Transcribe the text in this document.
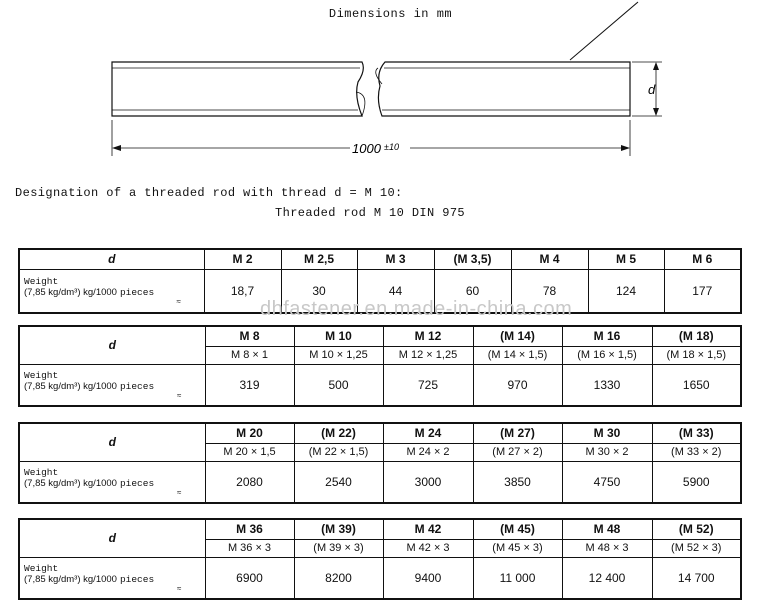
Dimensions in mm
d
1000 ±10
Designation of a threaded rod with thread d = M 10:
Threaded rod M 10 DIN 975
d	M 2	M 2,5	M 3	(M 3,5)	M 4	M 5	M 6

Weight
(7,85 kg/dm³)
kg/1000 pieces
≈	18,7	30	44	60	78	124	177
d	M 8	M 10	M 12	(M 14)	M 16	(M 18)
	M 8 × 1	M 10 × 1,25	M 12 × 1,25	(M 14 × 1,5)	(M 16 × 1,5)	(M 18 × 1,5)

Weight
(7,85 kg/dm³)
kg/1000 pieces
≈	319	500	725	970	1330	1650
d	M 20	(M 22)	M 24	(M 27)	M 30	(M 33)
	M 20 × 1,5	(M 22 × 1,5)	M 24 × 2	(M 27 × 2)	M 30 × 2	(M 33 × 2)

Weight
(7,85 kg/dm³)
kg/1000 pieces
≈	2080	2540	3000	3850	4750	5900
d	M 36	(M 39)	M 42	(M 45)	M 48	(M 52)
	M 36 × 3	(M 39 × 3)	M 42 × 3	(M 45 × 3)	M 48 × 3	(M 52 × 3)

Weight
(7,85 kg/dm³)
kg/1000 pieces
≈	6900	8200	9400	11 000	12 400	14 700
dhfastener.en.made-in-china.com
